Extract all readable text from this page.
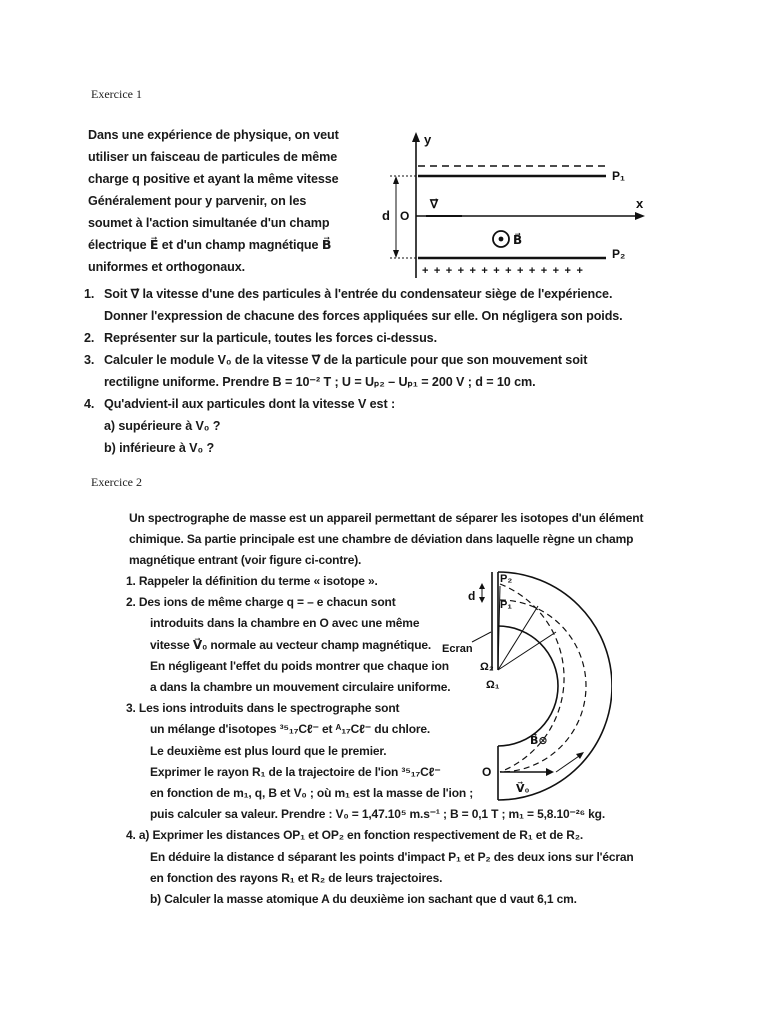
Exercice 1
Dans une expérience de physique, on veut
utiliser un faisceau de particules de même
charge q positive et ayant la même vitesse
Généralement pour y parvenir, on les
soumet à l'action simultanée d'un champ
électrique E⃗ et d'un champ magnétique B⃗
uniformes et orthogonaux.
y
P₁
x
O
∇⃗
d
B⃗
P₂
+ + + + + + + + + + + + + +
1. Soit ∇⃗ la vitesse d'une des particules à l'entrée du condensateur siège de l'expérience.
Donner l'expression de chacune des forces appliquées sur elle. On négligera son poids.
2. Représenter sur la particule, toutes les forces ci-dessus.
3. Calculer le module V₀ de la vitesse ∇⃗ de la particule pour que son mouvement soit
rectiligne uniforme. Prendre B = 10⁻² T ; U = Uₚ₂ – Uₚ₁ = 200 V ; d = 10 cm.
4. Qu'advient-il aux particules dont la vitesse V est :
a) supérieure à V₀ ?
b) inférieure à V₀ ?
Exercice 2
Un spectrographe de masse est un appareil permettant de séparer les isotopes d'un élément
chimique. Sa partie principale est une chambre de déviation dans laquelle règne un champ
magnétique entrant (voir figure ci-contre).
1. Rappeler la définition du terme « isotope ».
2. Des ions de même charge q = – e chacun sont
introduits dans la chambre en O avec une même
vitesse V⃗₀ normale au vecteur champ magnétique.
En négligeant l'effet du poids montrer que chaque ion
a dans la chambre un mouvement circulaire uniforme.
3. Les ions introduits dans le spectrographe sont
un mélange d'isotopes ³⁵₁₇Cℓ⁻ et ᴬ₁₇Cℓ⁻ du chlore.
Le deuxième est plus lourd que le premier.
Exprimer le rayon R₁ de la trajectoire de l'ion ³⁵₁₇Cℓ⁻
en fonction de m₁, q, B et V₀ ; où m₁ est la masse de l'ion ;
puis calculer sa valeur. Prendre : V₀ = 1,47.10⁵ m.s⁻¹ ; B = 0,1 T ; m₁ = 5,8.10⁻²⁶ kg.
4. a) Exprimer les distances OP₁ et OP₂ en fonction respectivement de R₁ et de R₂.
En déduire la distance d séparant les points d'impact P₁ et P₂ des deux ions sur l'écran
en fonction des rayons R₁ et R₂ de leurs trajectoires.
b) Calculer la masse atomique A du deuxième ion sachant que d vaut 6,1 cm.
P₂
P₁
d
Ecran
Ω₂
Ω₁
B⃗⊗
O
V⃗₀
